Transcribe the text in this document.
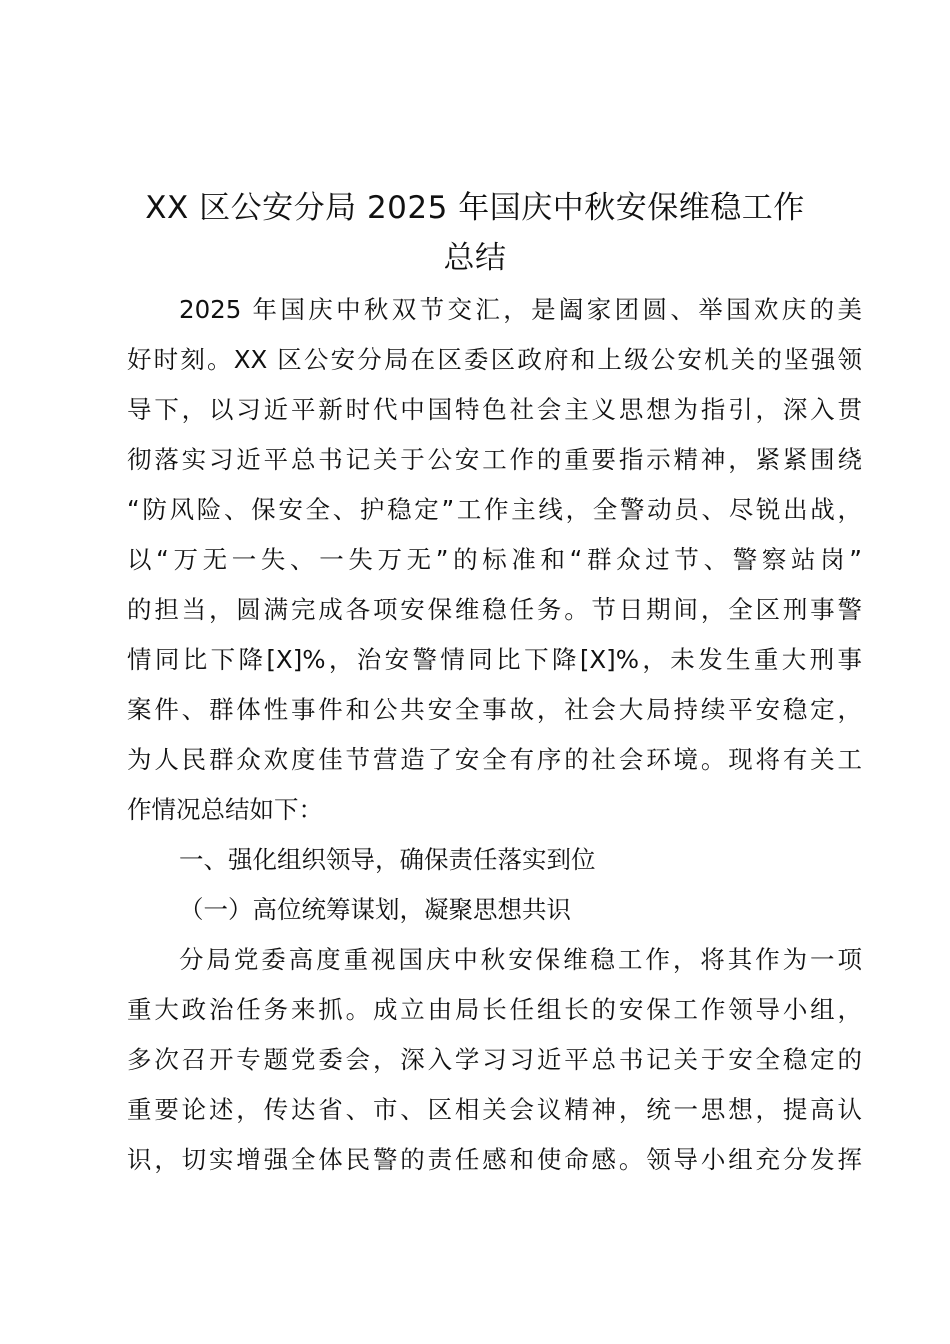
XX 区公安分局 2025 年国庆中秋安保维稳工作
总结
2025 年国庆中秋双节交汇，是阖家团圆、举国欢庆的美
好时刻。XX 区公安分局在区委区政府和上级公安机关的坚强领
导下，以习近平新时代中国特色社会主义思想为指引，深入贯
彻落实习近平总书记关于公安工作的重要指示精神，紧紧围绕
“防风险、保安全、护稳定”工作主线，全警动员、尽锐出战，
以“万无一失、一失万无”的标准和“群众过节、警察站岗”
的担当，圆满完成各项安保维稳任务。节日期间，全区刑事警
情同比下降[X]%，治安警情同比下降[X]%，未发生重大刑事
案件、群体性事件和公共安全事故，社会大局持续平安稳定，
为人民群众欢度佳节营造了安全有序的社会环境。现将有关工
作情况总结如下：
一、强化组织领导，确保责任落实到位
（一）高位统筹谋划，凝聚思想共识
分局党委高度重视国庆中秋安保维稳工作，将其作为一项
重大政治任务来抓。成立由局长任组长的安保工作领导小组，
多次召开专题党委会，深入学习习近平总书记关于安全稳定的
重要论述，传达省、市、区相关会议精神，统一思想，提高认
识，切实增强全体民警的责任感和使命感。领导小组充分发挥
